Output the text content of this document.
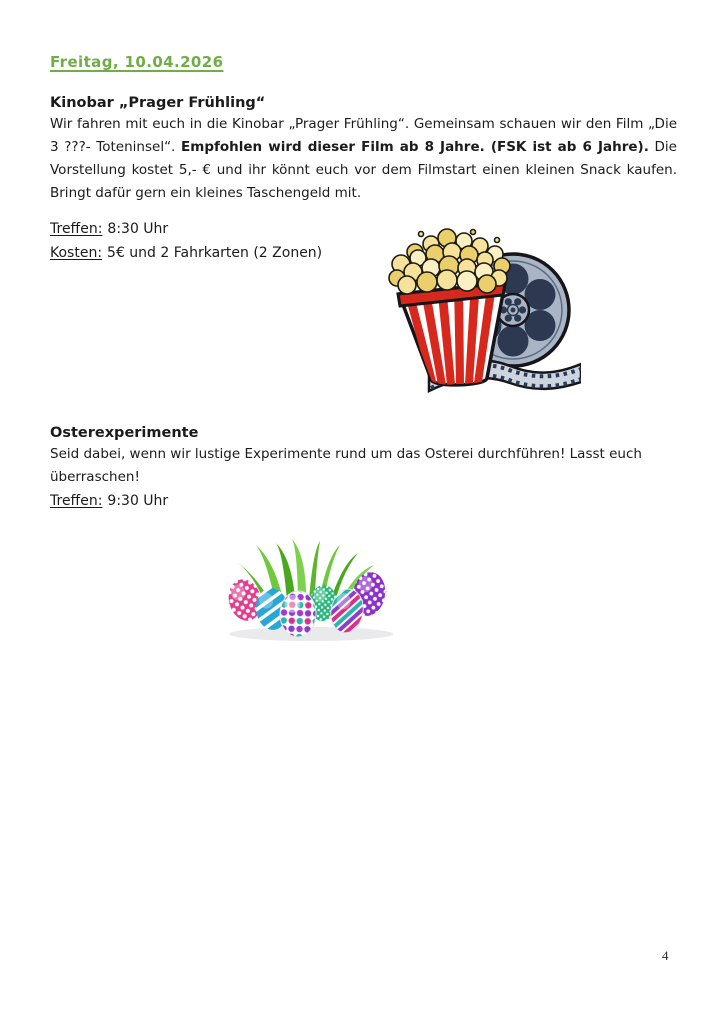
Freitag, 10.04.2026
Kinobar „Prager Frühling“

Wir fahren mit euch in die Kinobar „Prager Frühling“. Gemeinsam schauen wir den Film „Die 3 ???- Toteninsel“. Empfohlen wird dieser Film ab 8 Jahre. (FSK ist ab 6 Jahre). Die Vorstellung kostet 5,- € und ihr könnt euch vor dem Filmstart einen kleinen Snack kaufen. Bringt dafür gern ein kleines Taschengeld mit.

Treffen: 8:30 Uhr

Kosten: 5€ und 2 Fahrkarten (2 Zonen)

Osterexperimente

Seid dabei, wenn wir lustige Experimente rund um das Osterei durchführen! Lasst euch überraschen!

Treffen: 9:30 Uhr

4
